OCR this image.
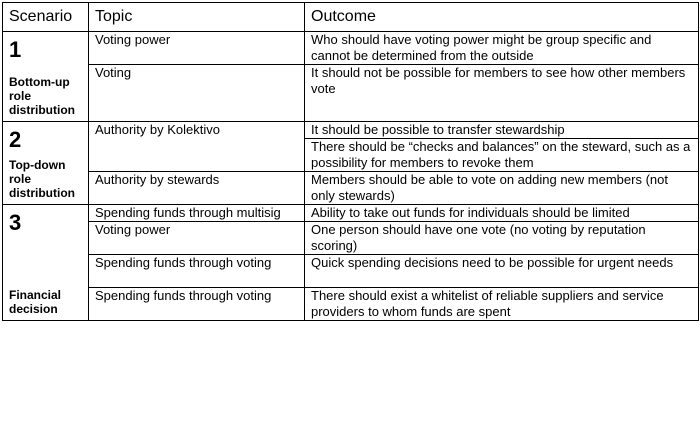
Scenario	Topic	Outcome

1
Bottom-up role distribution	Voting power	Who should have voting power might be group specific and cannot be determined from the outside
	Voting	It should not be possible for members to see how other members vote

2
Top-down role distribution	Authority by Kolektivo	It should be possible to transfer stewardship
		There should be “checks and balances” on the steward, such as a possibility for members to revoke them
	Authority by stewards	Members should be able to vote on adding new members (not only stewards)

3
Financial decision	Spending funds through multisig	Ability to take out funds for individuals should be limited
	Voting power	One person should have one vote (no voting by reputation scoring)
	Spending funds through voting	Quick spending decisions need to be possible for urgent needs
	Spending funds through voting	There should exist a whitelist of reliable suppliers and service providers to whom funds are spent
